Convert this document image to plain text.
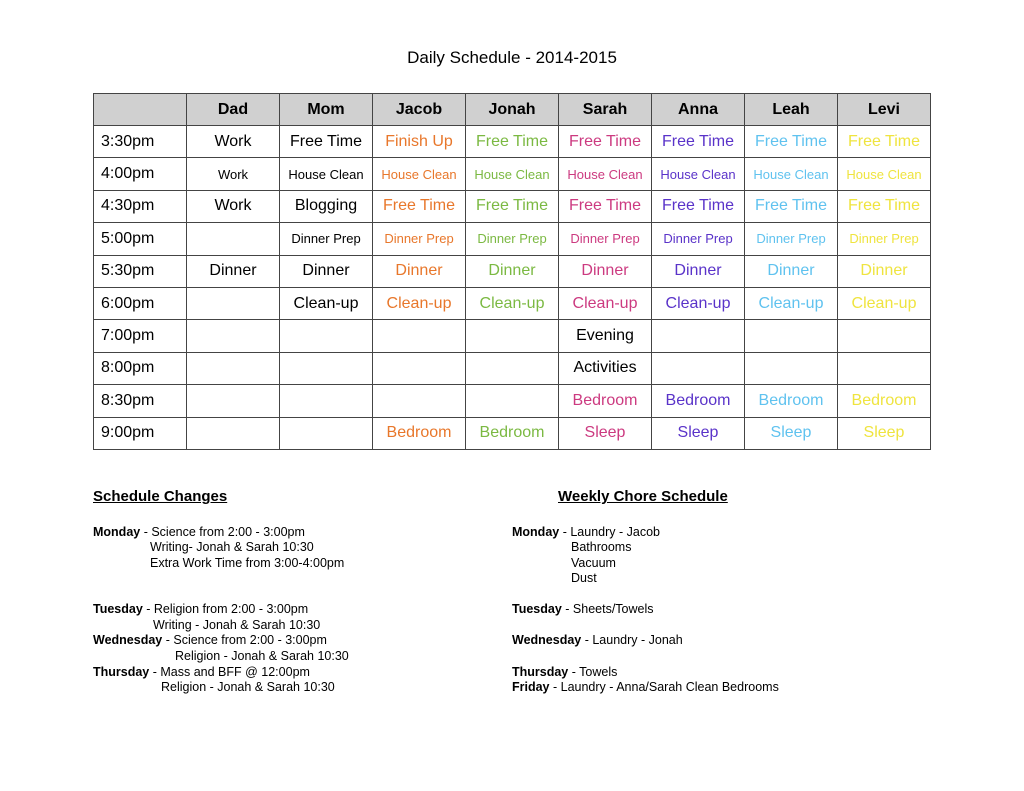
Daily Schedule - 2014-2015
	Dad	Mom	Jacob	Jonah	Sarah	Anna	Leah	Levi
3:30pm	Work	Free Time	Finish Up	Free Time	Free Time	Free Time	Free Time	Free Time
4:00pm	Work	House Clean	House Clean	House Clean	House Clean	House Clean	House Clean	House Clean
4:30pm	Work	Blogging	Free Time	Free Time	Free Time	Free Time	Free Time	Free Time
5:00pm		Dinner Prep	Dinner Prep	Dinner Prep	Dinner Prep	Dinner Prep	Dinner Prep	Dinner Prep
5:30pm	Dinner	Dinner	Dinner	Dinner	Dinner	Dinner	Dinner	Dinner
6:00pm		Clean-up	Clean-up	Clean-up	Clean-up	Clean-up	Clean-up	Clean-up
7:00pm					Evening			
8:00pm					Activities			
8:30pm					Bedroom	Bedroom	Bedroom	Bedroom
9:00pm			Bedroom	Bedroom	Sleep	Sleep	Sleep	Sleep
Schedule Changes
Monday - Science from 2:00 - 3:00pm
Writing- Jonah & Sarah 10:30
Extra Work Time from 3:00-4:00pm
Tuesday - Religion from 2:00 - 3:00pm
Writing - Jonah & Sarah 10:30
Wednesday - Science from 2:00 - 3:00pm
Religion - Jonah & Sarah 10:30
Thursday - Mass and BFF @ 12:00pm
Religion - Jonah & Sarah 10:30
Weekly Chore Schedule
Monday - Laundry - Jacob
Bathrooms
Vacuum
Dust
Tuesday - Sheets/Towels
Wednesday - Laundry - Jonah
Thursday - Towels
Friday - Laundry - Anna/Sarah Clean Bedrooms
